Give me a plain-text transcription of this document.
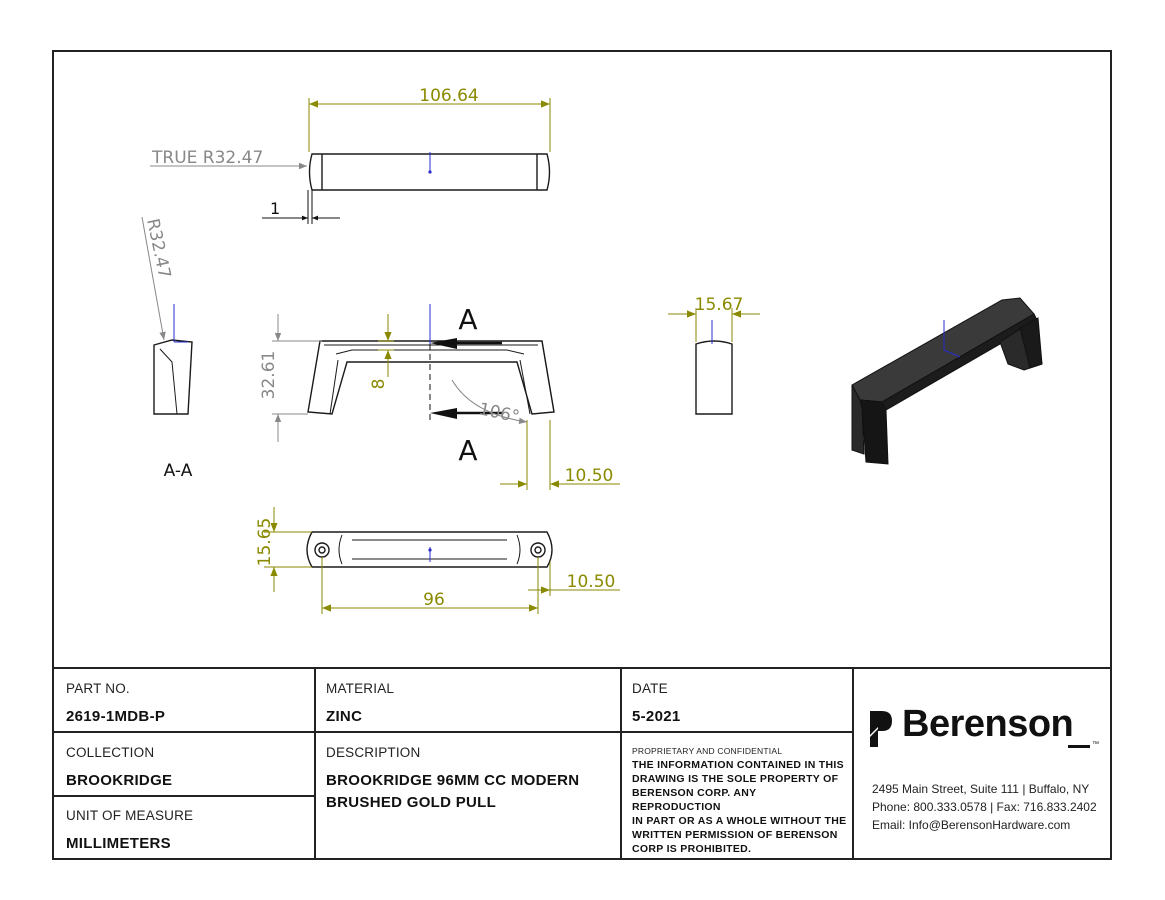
106.64
TRUE R32.47
1
R32.47
A-A
A
A
32.61	8
106°
10.50
15.65
96
10.50
15.67
PART NO.
2619-1MDB-P
COLLECTION
BROOKRIDGE
UNIT OF MEASURE
MILLIMETERS
MATERIAL
ZINC
DESCRIPTION
BROOKRIDGE 96MM CC MODERN
BRUSHED GOLD PULL
DATE
5-2021
PROPRIETARY AND CONFIDENTIAL
THE INFORMATION CONTAINED IN THIS
DRAWING IS THE SOLE PROPERTY OF
BERENSON CORP. ANY REPRODUCTION
IN PART OR AS A WHOLE WITHOUT THE
WRITTEN PERMISSION OF BERENSON
CORP IS PROHIBITED.
Berenson	™
2495 Main Street, Suite 111 | Buffalo, NY
Phone: 800.333.0578 | Fax: 716.833.2402
Email: Info@BerensonHardware.com
